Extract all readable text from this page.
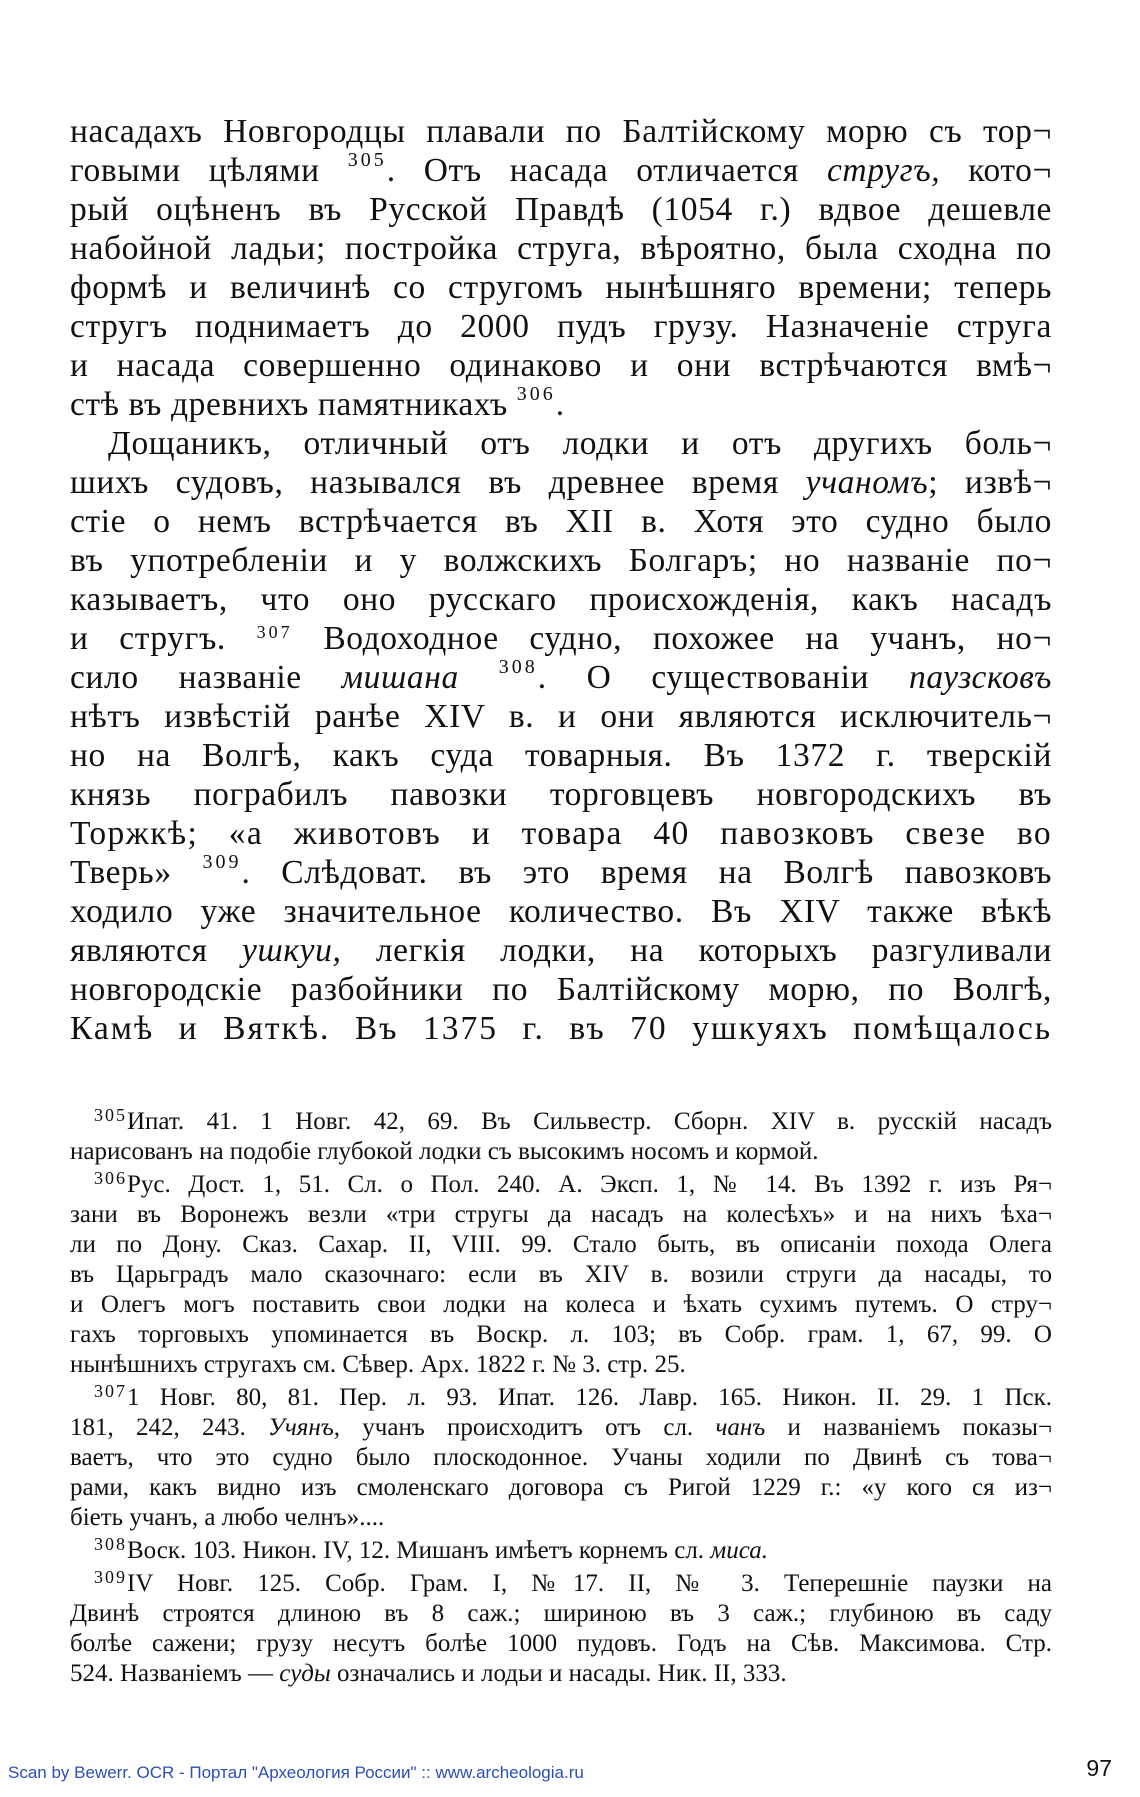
насадахъ Новгородцы плавали по Балтійскому морю съ тор¬
говыми цѣлями $^{305}$. Отъ насада отличается стругъ, кото¬
рый оцѣненъ въ Русской Правдѣ (1054 г.) вдвое дешевле
набойной ладьи; постройка струга, вѣроятно, была сходна по
формѣ и величинѣ со стругомъ нынѣшняго времени; теперь
стругъ поднимаетъ до 2000 пудъ грузу. Назначеніе струга
и насада совершенно одинаково и они встрѣчаются вмѣ¬
стѣ въ древнихъ памятникахъ $^{306}$.
Дощаникъ, отличный отъ лодки и отъ другихъ боль¬
шихъ судовъ, назывался въ древнее время учаномъ; извѣ¬
стіе о немъ встрѣчается въ XII в. Хотя это судно было
въ употребленіи и у волжскихъ Болгаръ; но названіе по¬
казываетъ, что оно русскаго происхожденія, какъ насадъ
и стругъ. $^{307}$ Водоходное судно, похожее на учанъ, но¬
сило названіе мишана $^{308}$. О существованіи паузсковъ
нѣтъ извѣстій ранѣе XIV в. и они являются исключитель¬
но на Волгѣ, какъ суда товарныя. Въ 1372 г. тверскій
князь пограбилъ павозки торговцевъ новгородскихъ въ
Торжкѣ; «а животовъ и товара 40 павозковъ свезе во
Тверь» $^{309}$. Слѣдоват. въ это время на Волгѣ павозковъ
ходило уже значительное количество. Въ XIV также вѣкѣ
являются ушкуи, легкія лодки, на которыхъ разгуливали
новгородскіе разбойники по Балтійскому морю, по Волгѣ,
Камѣ и Вяткѣ. Въ 1375 г. въ 70 ушкуяхъ помѣщалось
$^{305}$Ипат. 41. 1 Новг. 42, 69. Въ Сильвестр. Сборн. XIV в. русскій насадъ
нарисованъ на подобіе глубокой лодки съ высокимъ носомъ и кормой.
$^{306}$Рус. Дост. 1, 51. Сл. о Пол. 240. А. Эксп. 1, № 14. Въ 1392 г. изъ Ря¬
зани въ Воронежъ везли «три стругы да насадъ на колесѣхъ» и на нихъ ѣха¬
ли по Дону. Сказ. Сахар. II, VIII. 99. Стало быть, въ описаніи похода Олега
въ Царьградъ мало сказочнаго: если въ XIV в. возили струги да насады, то
и Олегъ могъ поставить свои лодки на колеса и ѣхать сухимъ путемъ. О стру¬
гахъ торговыхъ упоминается въ Воскр. л. 103; въ Собр. грам. 1, 67, 99. О
нынѣшнихъ стругахъ см. Сѣвер. Арх. 1822 г. № 3. стр. 25.
$^{307}$1 Новг. 80, 81. Пер. л. 93. Ипат. 126. Лавр. 165. Никон. II. 29. 1 Пск.
181, 242, 243. Учянъ, учанъ происходитъ отъ сл. чанъ и названіемъ показы¬
ваетъ, что это судно было плоскодонное. Учаны ходили по Двинѣ съ това¬
рами, какъ видно изъ смоленскаго договора съ Ригой 1229 г.: «у кого ся из¬
біеть учанъ, а любо челнъ»....
$^{308}$Воск. 103. Никон. IV, 12. Мишанъ имѣетъ корнемъ сл. миса.
$^{309}$IV Новг. 125. Собр. Грам. I, №17. II, № 3. Теперешніе паузки на
Двинѣ строятся длиною въ 8 саж.; шириною въ 3 саж.; глубиною въ саду
болѣе сажени; грузу несутъ болѣе 1000 пудовъ. Годъ на Сѣв. Максимова. Стр.
524. Названіемъ — суды означались и лодьи и насады. Ник. II, 333.
Scan by Bewerr. OCR - Портал "Археология России" :: www.archeologia.ru	97
